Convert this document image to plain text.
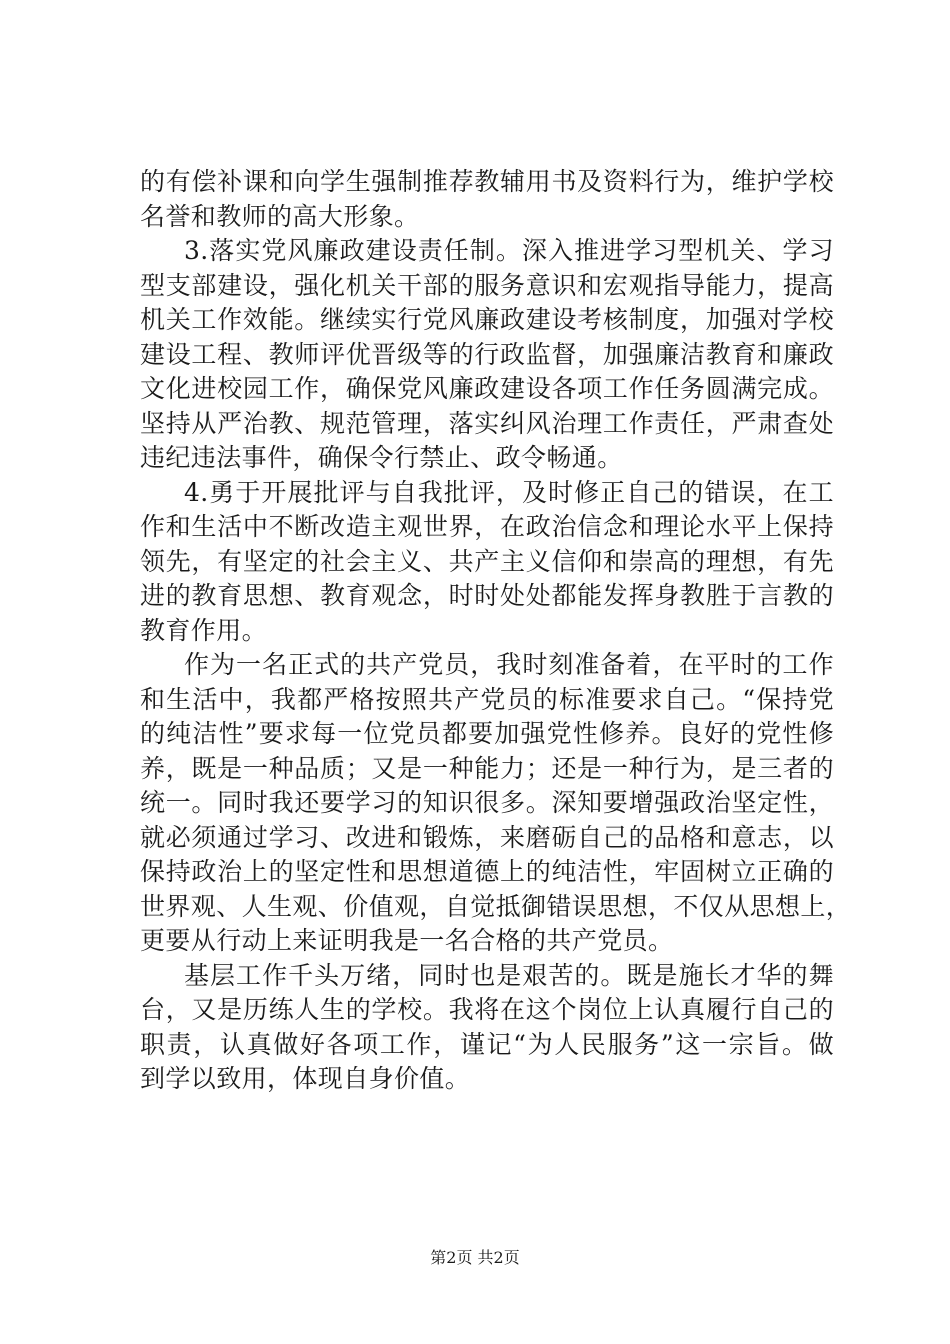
的有偿补课和向学生强制推荐教辅用书及资料行为，维护学校
名誉和教师的高大形象。
3.落实党风廉政建设责任制。深入推进学习型机关、学习
型支部建设，强化机关干部的服务意识和宏观指导能力，提高
机关工作效能。继续实行党风廉政建设考核制度，加强对学校
建设工程、教师评优晋级等的行政监督，加强廉洁教育和廉政
文化进校园工作，确保党风廉政建设各项工作任务圆满完成。
坚持从严治教、规范管理，落实纠风治理工作责任，严肃查处
违纪违法事件，确保令行禁止、政令畅通。
4.勇于开展批评与自我批评，及时修正自己的错误，在工
作和生活中不断改造主观世界，在政治信念和理论水平上保持
领先，有坚定的社会主义、共产主义信仰和崇高的理想，有先
进的教育思想、教育观念，时时处处都能发挥身教胜于言教的
教育作用。
作为一名正式的共产党员，我时刻准备着，在平时的工作
和生活中，我都严格按照共产党员的标准要求自己。“保持党
的纯洁性”要求每一位党员都要加强党性修养。良好的党性修
养，既是一种品质；又是一种能力；还是一种行为，是三者的
统一。同时我还要学习的知识很多。深知要增强政治坚定性，
就必须通过学习、改进和锻炼，来磨砺自己的品格和意志，以
保持政治上的坚定性和思想道德上的纯洁性，牢固树立正确的
世界观、人生观、价值观，自觉抵御错误思想，不仅从思想上，
更要从行动上来证明我是一名合格的共产党员。
基层工作千头万绪，同时也是艰苦的。既是施长才华的舞
台，又是历练人生的学校。我将在这个岗位上认真履行自己的
职责，认真做好各项工作，谨记“为人民服务”这一宗旨。做
到学以致用，体现自身价值。
第2页 共2页
